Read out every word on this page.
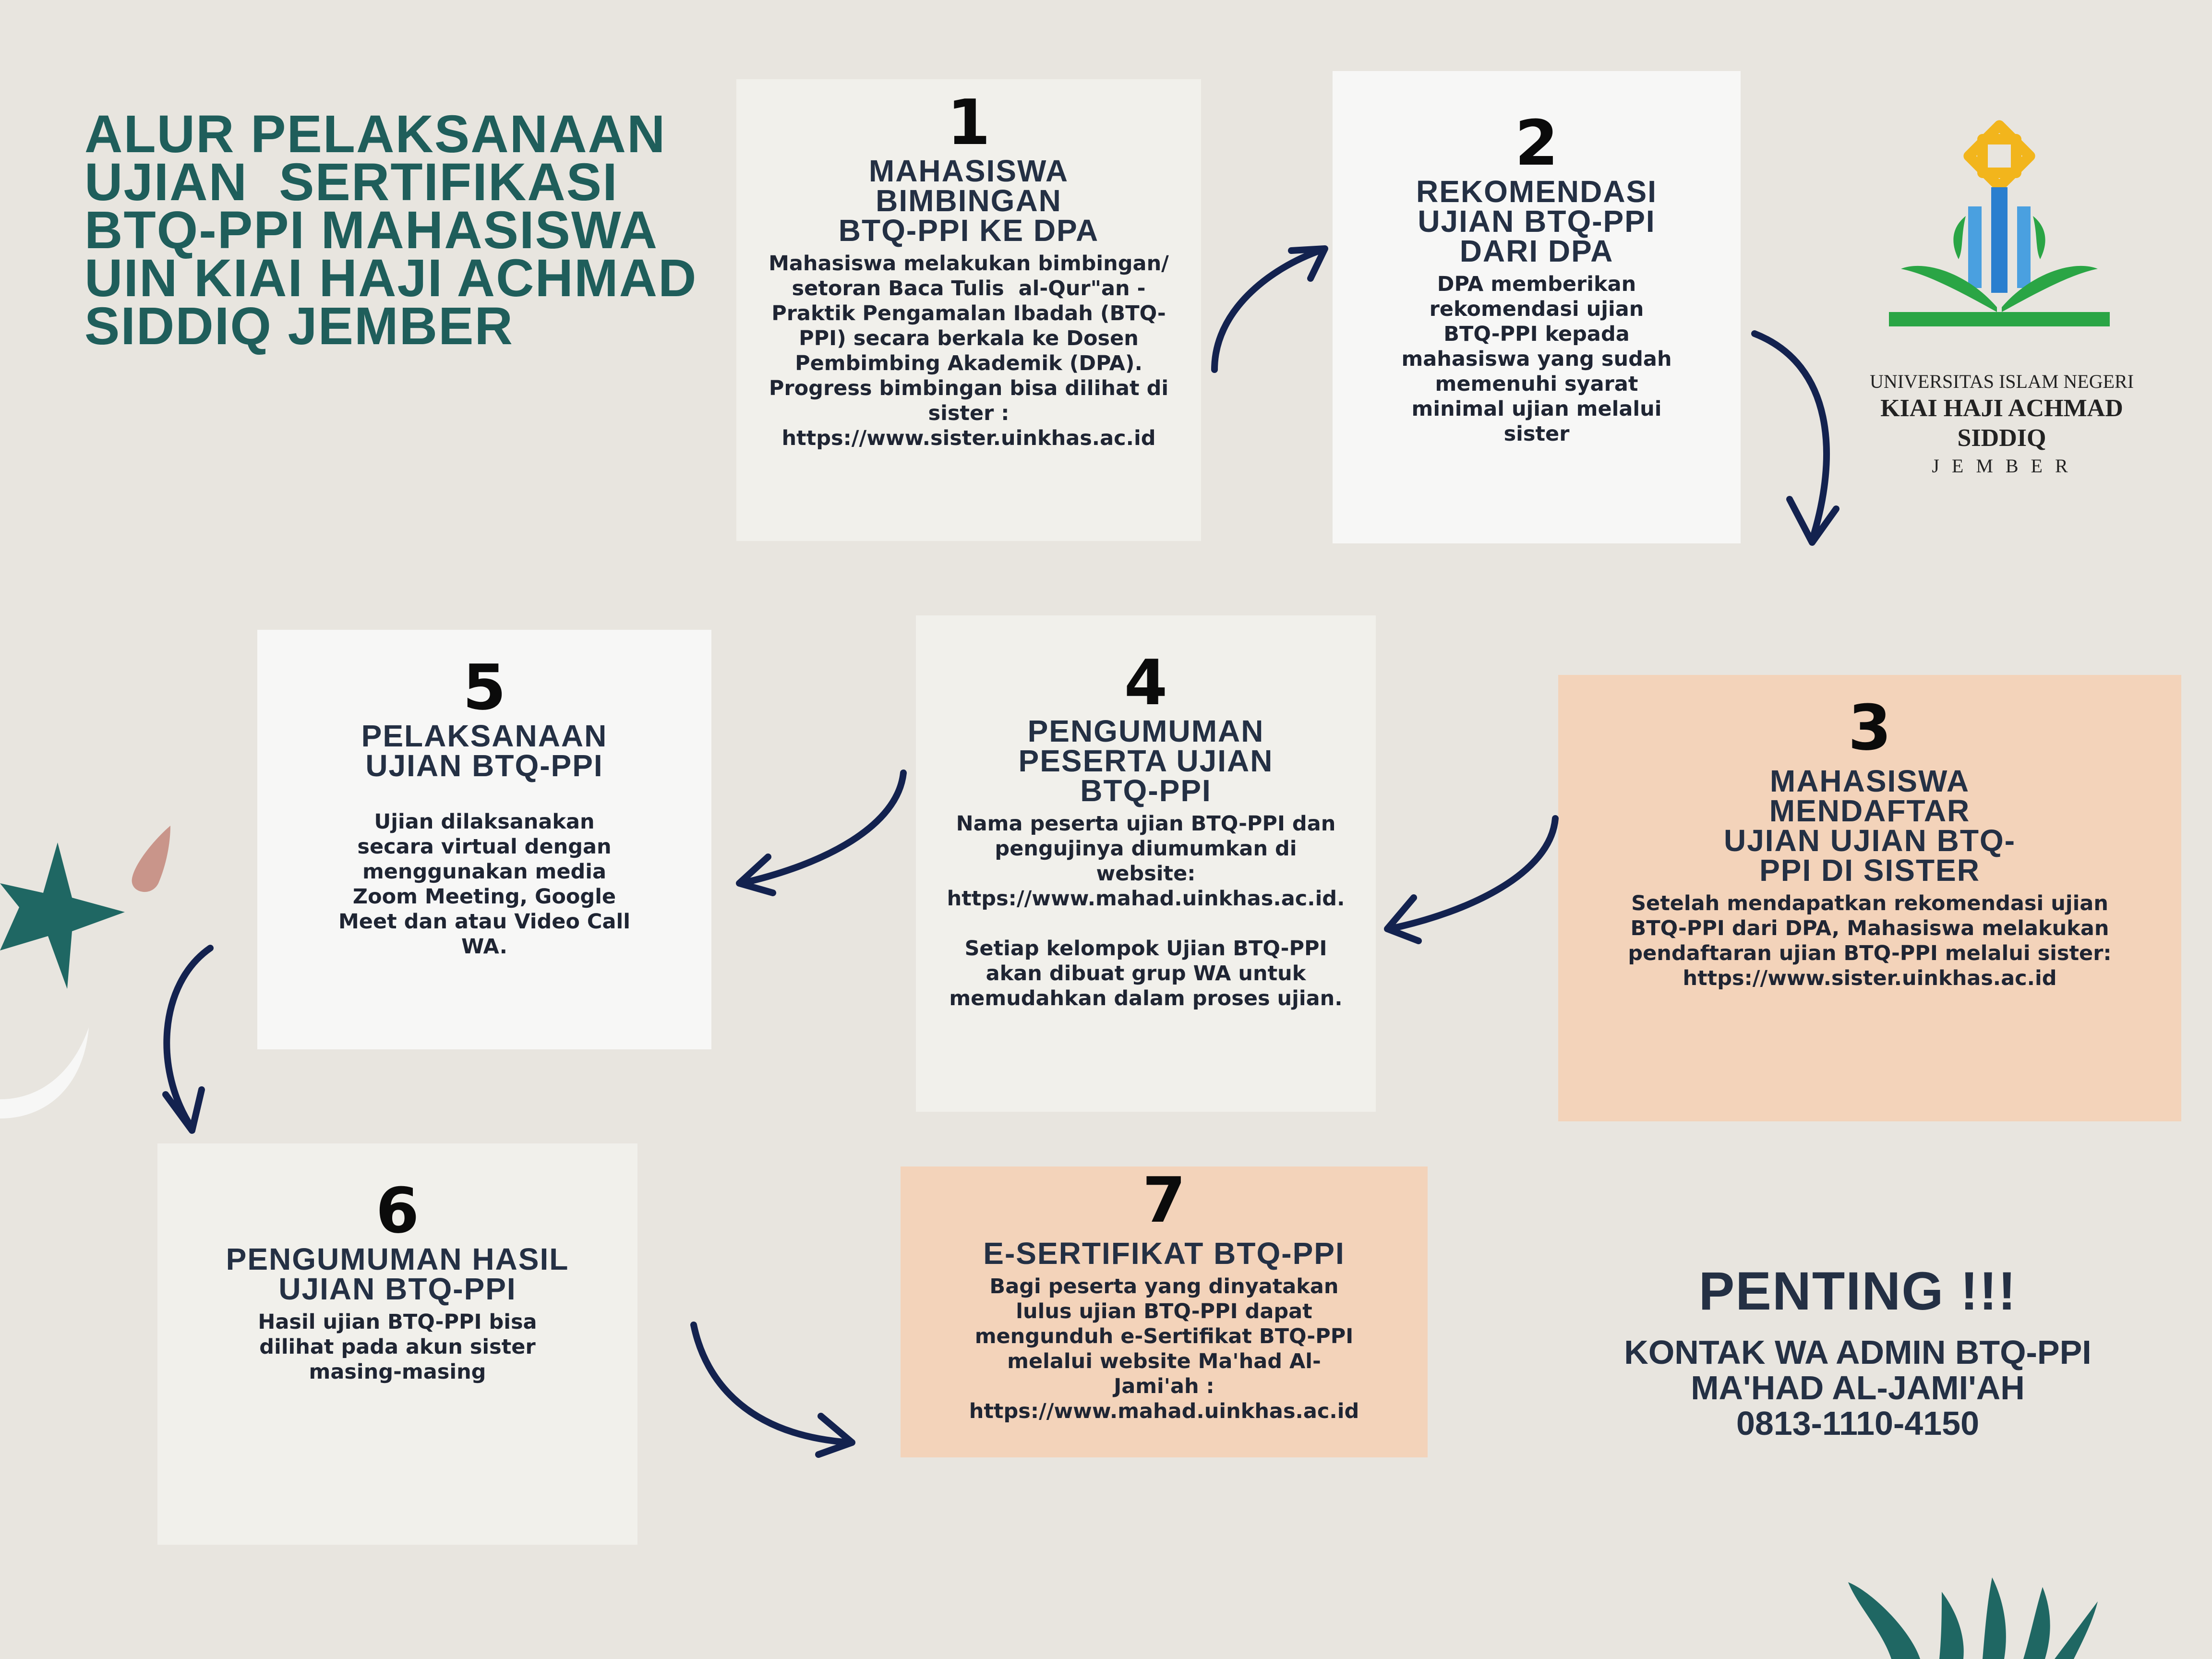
ALUR PELAKSANAAN
UJIAN  SERTIFIKASI
BTQ-PPI MAHASISWA
UIN KIAI HAJI ACHMAD
SIDDIQ JEMBER
1
MAHASISWA
BIMBINGAN
BTQ-PPI KE DPA
Mahasiswa melakukan bimbingan/
setoran Baca Tulis  al-Qur"an -
Praktik Pengamalan Ibadah (BTQ-
PPI) secara berkala ke Dosen
Pembimbing Akademik (DPA).
Progress bimbingan bisa dilihat di
sister :
https://www.sister.uinkhas.ac.id
2
REKOMENDASI
UJIAN BTQ-PPI
DARI DPA
DPA memberikan
rekomendasi ujian
BTQ-PPI kepada
mahasiswa yang sudah
memenuhi syarat
minimal ujian melalui
sister
3
MAHASISWA
MENDAFTAR
UJIAN UJIAN BTQ-
PPI DI SISTER
Setelah mendapatkan rekomendasi ujian
BTQ-PPI dari DPA, Mahasiswa melakukan
pendaftaran ujian BTQ-PPI melalui sister:
https://www.sister.uinkhas.ac.id
4
PENGUMUMAN
PESERTA UJIAN
BTQ-PPI
Nama peserta ujian BTQ-PPI dan
pengujinya diumumkan di
website:
https://www.mahad.uinkhas.ac.id.

Setiap kelompok Ujian BTQ-PPI
akan dibuat grup WA untuk
memudahkan dalam proses ujian.
5
PELAKSANAAN
UJIAN BTQ-PPI
Ujian dilaksanakan
secara virtual dengan
menggunakan media
Zoom Meeting, Google
Meet dan atau Video Call
WA.
6
PENGUMUMAN HASIL
UJIAN BTQ-PPI
Hasil ujian BTQ-PPI bisa
dilihat pada akun sister
masing-masing
7
E-SERTIFIKAT BTQ-PPI
Bagi peserta yang dinyatakan
lulus ujian BTQ-PPI dapat
mengunduh e-Sertifikat BTQ-PPI
melalui website Ma'had Al-
Jami'ah :
https://www.mahad.uinkhas.ac.id
UNIVERSITAS ISLAM NEGERI
KIAI HAJI ACHMAD SIDDIQ
J E M B E R
PENTING !!!
KONTAK WA ADMIN BTQ-PPI
MA'HAD AL-JAMI'AH
0813-1110-4150
